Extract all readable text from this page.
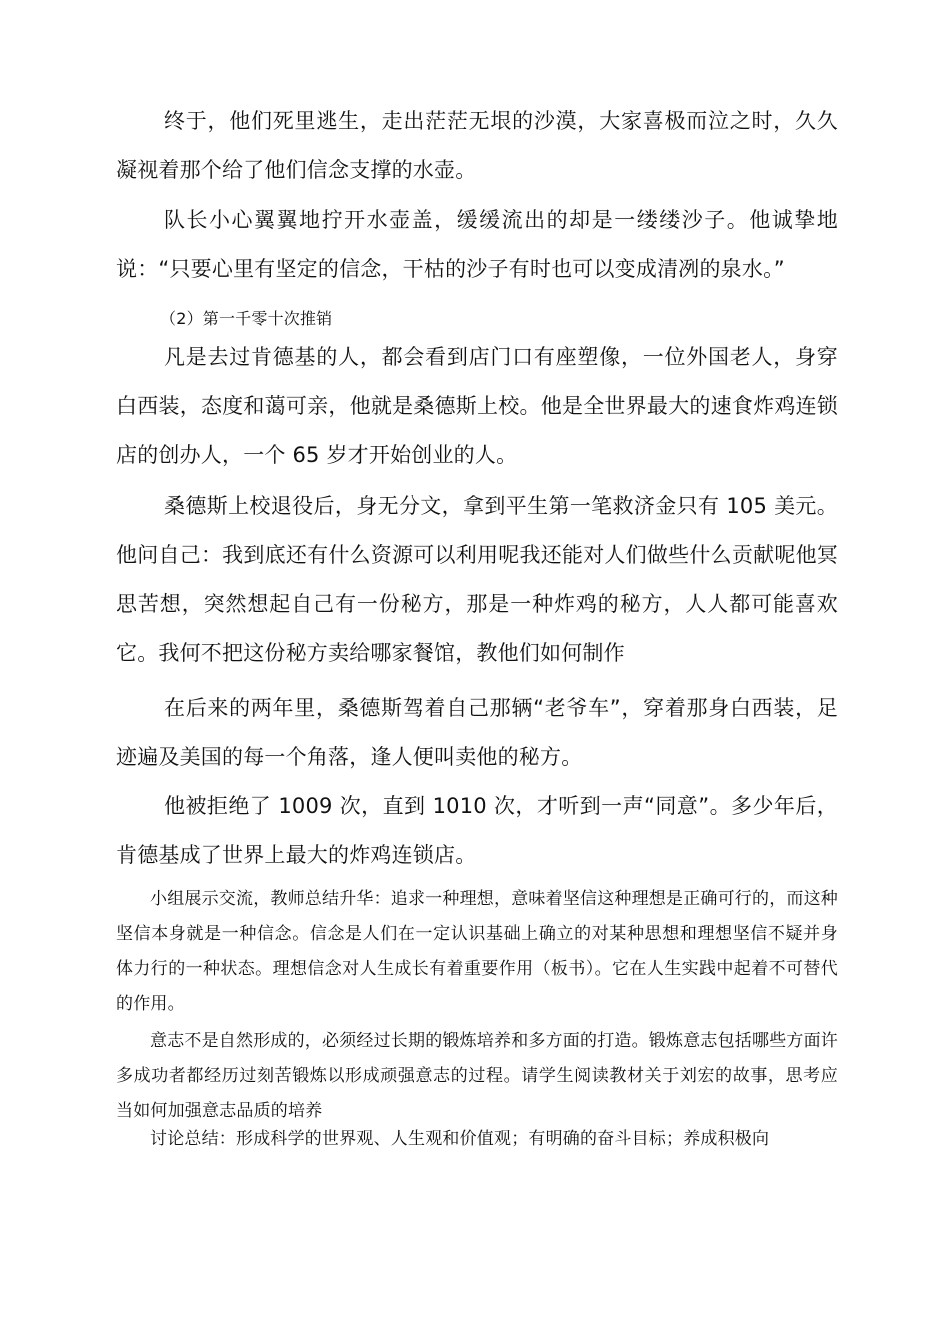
终于，他们死里逃生，走出茫茫无垠的沙漠，大家喜极而泣之时，久久凝视着那个给了他们信念支撑的水壶。

队长小心翼翼地拧开水壶盖，缓缓流出的却是一缕缕沙子。他诚挚地说：“只要心里有坚定的信念，干枯的沙子有时也可以变成清冽的泉水。”

（2）第一千零十次推销

凡是去过肯德基的人，都会看到店门口有座塑像，一位外国老人，身穿白西装，态度和蔼可亲，他就是桑德斯上校。他是全世界最大的速食炸鸡连锁店的创办人，一个 65 岁才开始创业的人。

桑德斯上校退役后，身无分文，拿到平生第一笔救济金只有 105 美元。他问自己：我到底还有什么资源可以利用呢我还能对人们做些什么贡献呢他冥思苦想，突然想起自己有一份秘方，那是一种炸鸡的秘方，人人都可能喜欢它。我何不把这份秘方卖给哪家餐馆，教他们如何制作

在后来的两年里，桑德斯驾着自己那辆“老爷车”，穿着那身白西装，足迹遍及美国的每一个角落，逢人便叫卖他的秘方。

他被拒绝了 1009 次，直到 1010 次，才听到一声“同意”。多少年后，肯德基成了世界上最大的炸鸡连锁店。

小组展示交流，教师总结升华：追求一种理想，意味着坚信这种理想是正确可行的，而这种坚信本身就是一种信念。信念是人们在一定认识基础上确立的对某种思想和理想坚信不疑并身体力行的一种状态。理想信念对人生成长有着重要作用（板书）。它在人生实践中起着不可替代的作用。

意志不是自然形成的，必须经过长期的锻炼培养和多方面的打造。锻炼意志包括哪些方面许多成功者都经历过刻苦锻炼以形成顽强意志的过程。请学生阅读教材关于刘宏的故事，思考应当如何加强意志品质的培养

讨论总结：形成科学的世界观、人生观和价值观；有明确的奋斗目标；养成积极向
